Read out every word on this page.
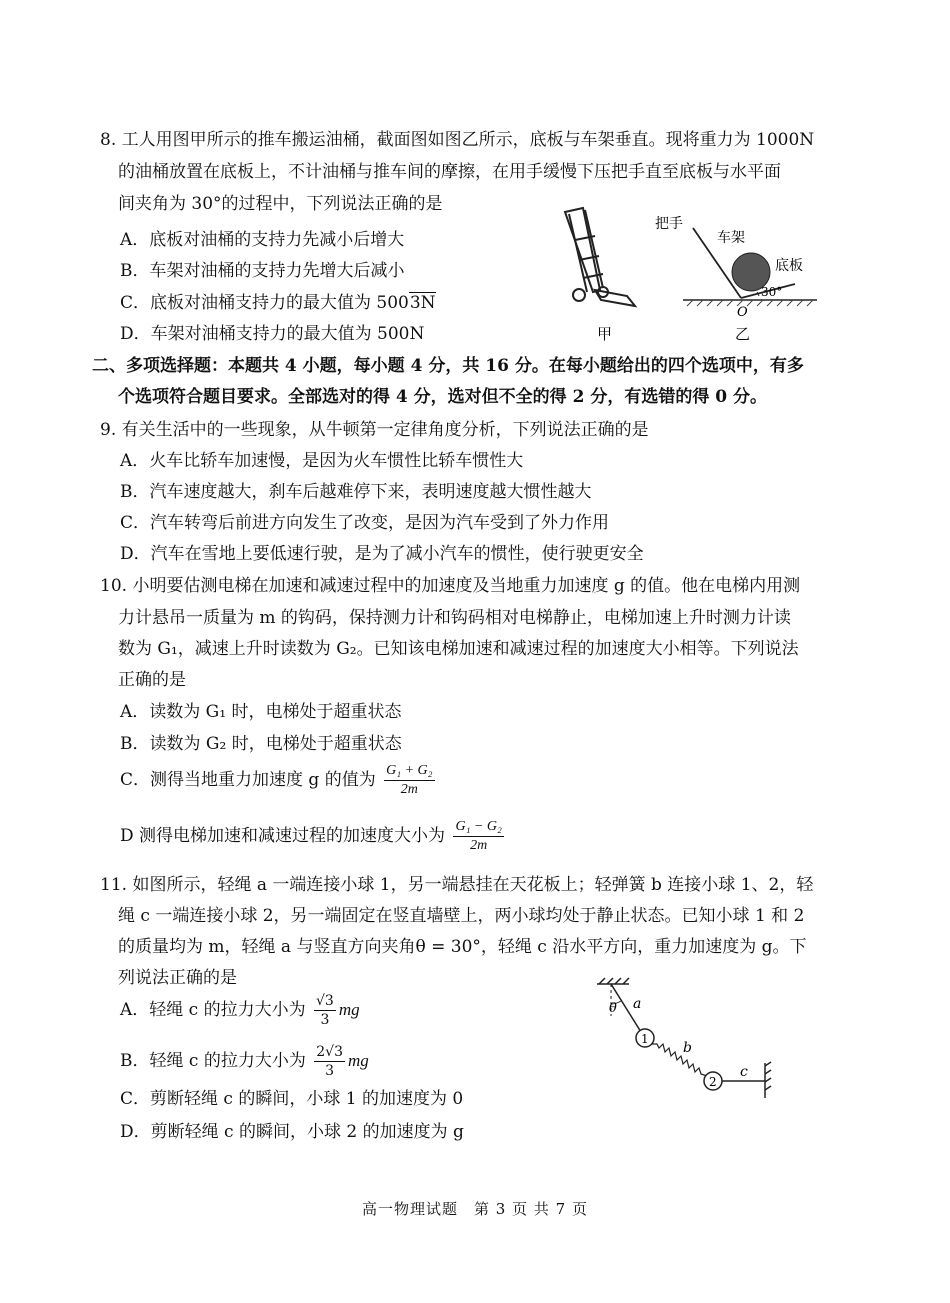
8. 工人用图甲所示的推车搬运油桶，截面图如图乙所示，底板与车架垂直。现将重力为 1000N
的油桶放置在底板上，不计油桶与推车间的摩擦，在用手缓慢下压把手直至底板与水平面
间夹角为 30°的过程中，下列说法正确的是
A．底板对油桶的支持力先减小后增大
B．车架对油桶的支持力先增大后减小
C．底板对油桶支持力的最大值为 5003N
D．车架对油桶支持力的最大值为 500N	甲
把手
车架
底板
30°
O
乙
二、多项选择题：本题共 4 小题，每小题 4 分，共 16 分。在每小题给出的四个选项中，有多
个选项符合题目要求。全部选对的得 4 分，选对但不全的得 2 分，有选错的得 0 分。
9. 有关生活中的一些现象，从牛顿第一定律角度分析，下列说法正确的是
A．火车比轿车加速慢，是因为火车惯性比轿车惯性大
B．汽车速度越大，刹车后越难停下来，表明速度越大惯性越大
C．汽车转弯后前进方向发生了改变，是因为汽车受到了外力作用
D．汽车在雪地上要低速行驶，是为了减小汽车的惯性，使行驶更安全
10. 小明要估测电梯在加速和减速过程中的加速度及当地重力加速度 g 的值。他在电梯内用测
力计悬吊一质量为 m 的钩码，保持测力计和钩码相对电梯静止，电梯加速上升时测力计读
数为 G₁，减速上升时读数为 G₂。已知该电梯加速和减速过程的加速度大小相等。下列说法
正确的是
A．读数为 G₁ 时，电梯处于超重状态
B．读数为 G₂ 时，电梯处于超重状态
C．测得当地重力加速度 g 的值为 $\frac{\text{G₁ + G₂}}{2m}$
D 测得电梯加速和减速过程的加速度大小为 $\frac{\text{G₁ − G₂}}{2m}$
11. 如图所示，轻绳 a 一端连接小球 1，另一端悬挂在天花板上；轻弹簧 b 连接小球 1、2，轻
绳 c 一端连接小球 2，另一端固定在竖直墙壁上，两小球均处于静止状态。已知小球 1 和 2
的质量均为 m，轻绳 a 与竖直方向夹角θ = 30°，轻绳 c 沿水平方向，重力加速度为 g。下
列说法正确的是
A．轻绳 c 的拉力大小为 $\frac{√3}{3}$ mg
B．轻绳 c 的拉力大小为 $\frac{2√3}{3}$ mg
C．剪断轻绳 c 的瞬间，小球 1 的加速度为 0
D．剪断轻绳 c 的瞬间，小球 2 的加速度为 g
θ a
1
b
2
c
高一物理试题　第 3 页 共 7 页
